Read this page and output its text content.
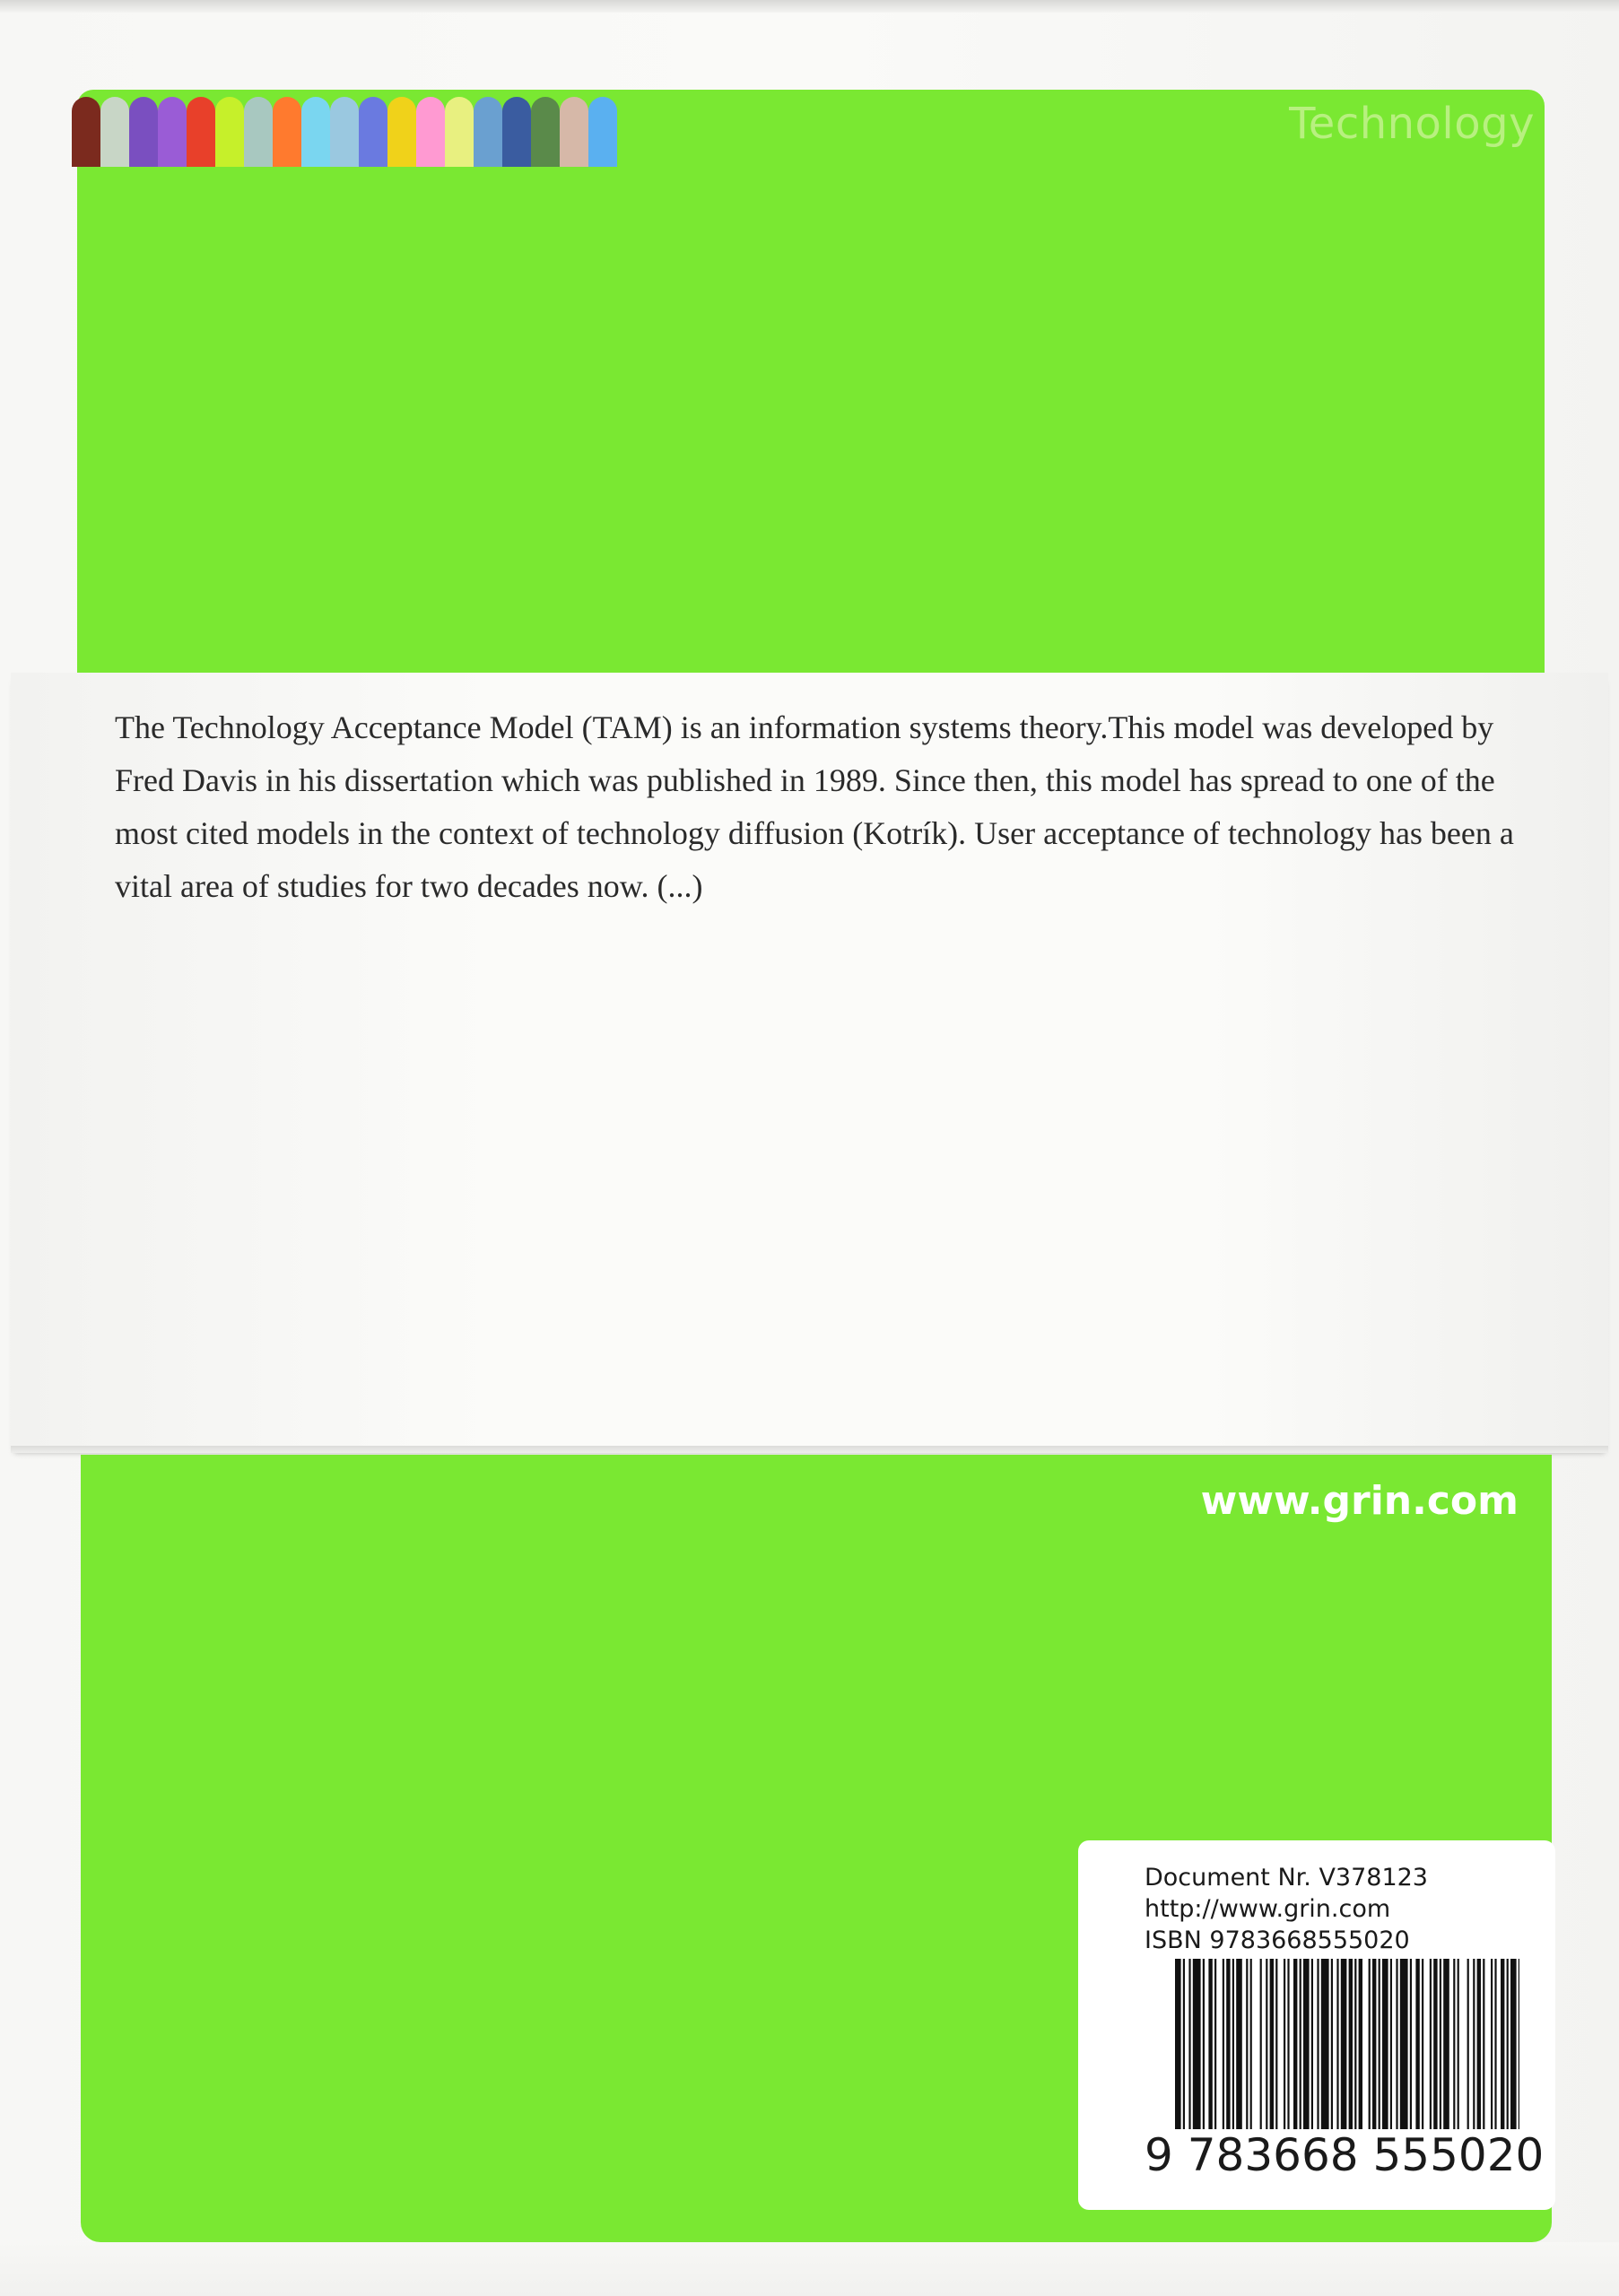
Technology

The Technology Acceptance Model (TAM) is an information systems theory.This model was developed by Fred Davis in his dissertation which was published in 1989. Since then, this model has spread to one of the most cited models in the context of technology diffusion (Kotrík). User acceptance of technology has been a vital area of studies for two decades now. (...)

www.grin.com
Document Nr. V378123
http://www.grin.com
ISBN 9783668555020
9 783668 555020
